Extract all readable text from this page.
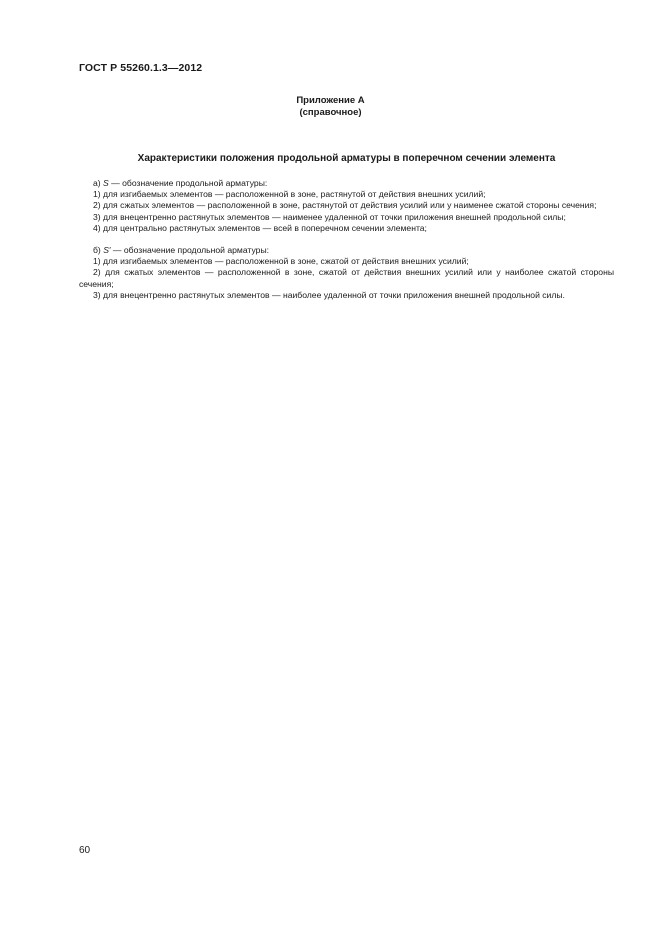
ГОСТ Р 55260.1.3—2012
Приложение А
(справочное)
Характеристики положения продольной арматуры в поперечном сечении элемента

а) S — обозначение продольной арматуры:

1) для изгибаемых элементов — расположенной в зоне, растянутой от действия внешних усилий;

2) для сжатых элементов — расположенной в зоне, растянутой от действия усилий или у наименее сжатой стороны сечения;

3) для внецентренно растянутых элементов — наименее удаленной от точки приложения внешней продольной силы;

4) для центрально растянутых элементов — всей в поперечном сечении элемента;

б) S′ — обозначение продольной арматуры:

1) для изгибаемых элементов — расположенной в зоне, сжатой от действия внешних усилий;

2) для сжатых элементов — расположенной в зоне, сжатой от действия внешних усилий или у наиболее сжатой стороны сечения;

3) для внецентренно растянутых элементов — наиболее удаленной от точки приложения внешней продольной силы.

60
